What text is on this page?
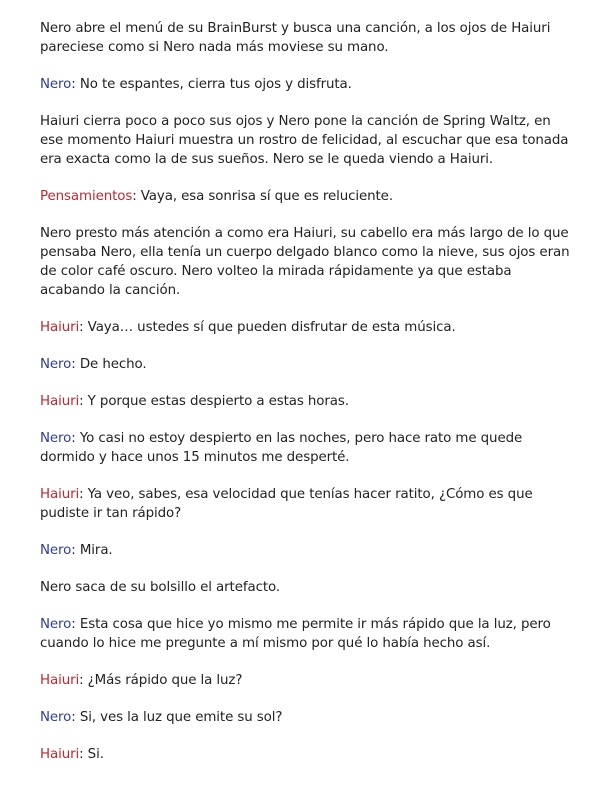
Nero abre el menú de su BrainBurst y busca una canción, a los ojos de Haiuri pareciese como si Nero nada más moviese su mano.

Nero: No te espantes, cierra tus ojos y disfruta.

Haiuri cierra poco a poco sus ojos y Nero pone la canción de Spring Waltz, en ese momento Haiuri muestra un rostro de felicidad, al escuchar que esa tonada era exacta como la de sus sueños. Nero se le queda viendo a Haiuri.

Pensamientos: Vaya, esa sonrisa sí que es reluciente.

Nero presto más atención a como era Haiuri, su cabello era más largo de lo que pensaba Nero, ella tenía un cuerpo delgado blanco como la nieve, sus ojos eran de color café oscuro. Nero volteo la mirada rápidamente ya que estaba acabando la canción.

Haiuri: Vaya… ustedes sí que pueden disfrutar de esta música.

Nero: De hecho.

Haiuri: Y porque estas despierto a estas horas.

Nero: Yo casi no estoy despierto en las noches, pero hace rato me quede dormido y hace unos 15 minutos me desperté.

Haiuri: Ya veo, sabes, esa velocidad que tenías hacer ratito, ¿Cómo es que pudiste ir tan rápido?

Nero: Mira.

Nero saca de su bolsillo el artefacto.

Nero: Esta cosa que hice yo mismo me permite ir más rápido que la luz, pero cuando lo hice me pregunte a mí mismo por qué lo había hecho así.

Haiuri: ¿Más rápido que la luz?

Nero: Si, ves la luz que emite su sol?

Haiuri: Si.
